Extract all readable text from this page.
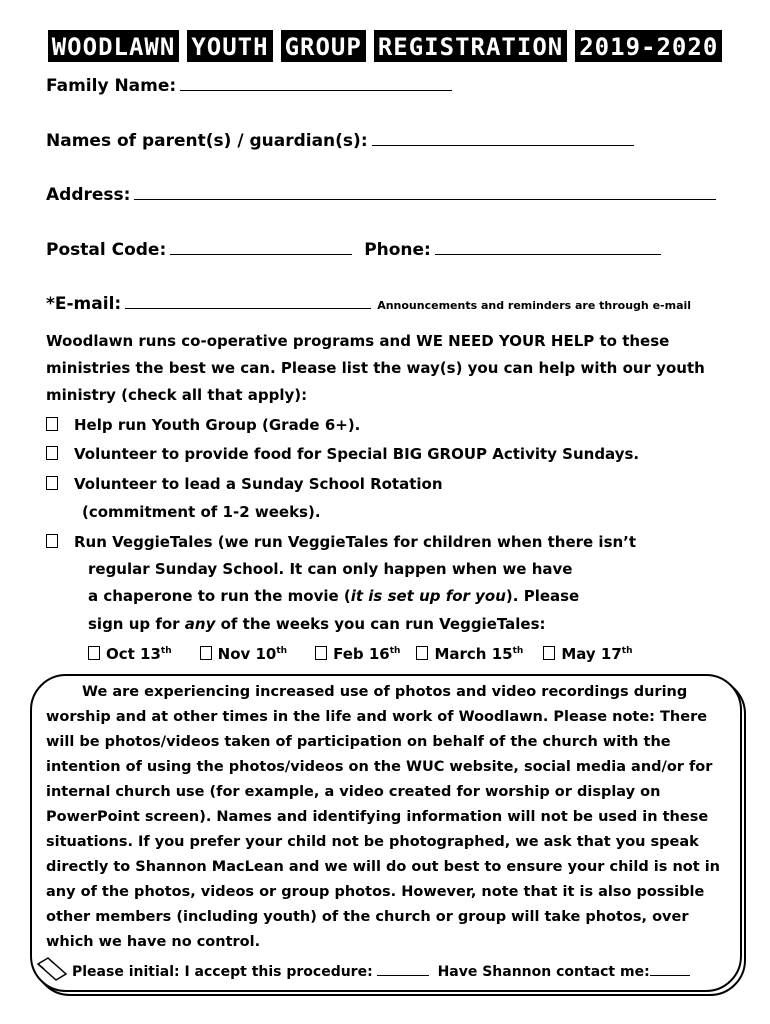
WOODLAWN YOUTH GROUP REGISTRATION 2019-2020
Family Name:
Names of parent(s) / guardian(s):
Address:
Postal Code:	Phone:
*E-mail:	Announcements and reminders are through e-mail
Woodlawn runs co-operative programs and WE NEED YOUR HELP to these ministries the best we can. Please list the way(s) you can help with our youth ministry (check all that apply):
Help run Youth Group (Grade 6+).
Volunteer to provide food for Special BIG GROUP Activity Sundays.
Volunteer to lead a Sunday School Rotation
(commitment of 1-2 weeks).
Run VeggieTales (we run VeggieTales for children when there isn’t
regular Sunday School. It can only happen when we have
a chaperone to run the movie (it is set up for you). Please
sign up for any of the weeks you can run VeggieTales:
Oct 13th	Nov 10th	Feb 16th March 15th	May 17th
We are experiencing increased use of photos and video recordings during worship and at other times in the life and work of Woodlawn. Please note: There will be photos/videos taken of participation on behalf of the church with the intention of using the photos/videos on the WUC website, social media and/or for internal church use (for example, a video created for worship or display on PowerPoint screen). Names and identifying information will not be used in these situations. If you prefer your child not be photographed, we ask that you speak directly to Shannon MacLean and we will do out best to ensure your child is not in any of the photos, videos or group photos. However, note that it is also possible other members (including youth) of the church or group will take photos, over which we have no control.
Please initial: I accept this procedure:	Have Shannon contact me:
